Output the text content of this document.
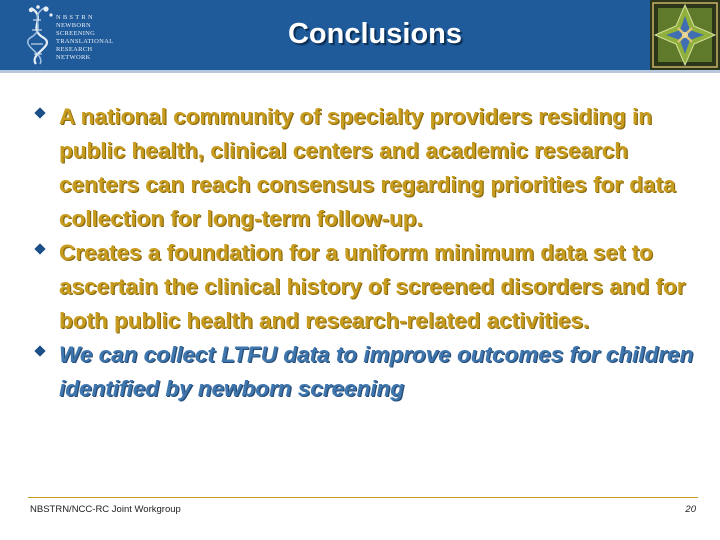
NBSTRN
NEWBORN
SCREENING
TRANSLATIONAL
RESEARCH
NETWORK
Conclusions
A national community of specialty providers residing in public health, clinical centers and academic research centers can reach consensus regarding priorities for data collection for long-term follow-up.
Creates a foundation for a uniform minimum data set to ascertain the clinical history of screened disorders and for both public health and research-related activities.
We can collect LTFU data to improve outcomes for children identified by newborn screening
NBSTRN/NCC-RC Joint Workgroup	20
